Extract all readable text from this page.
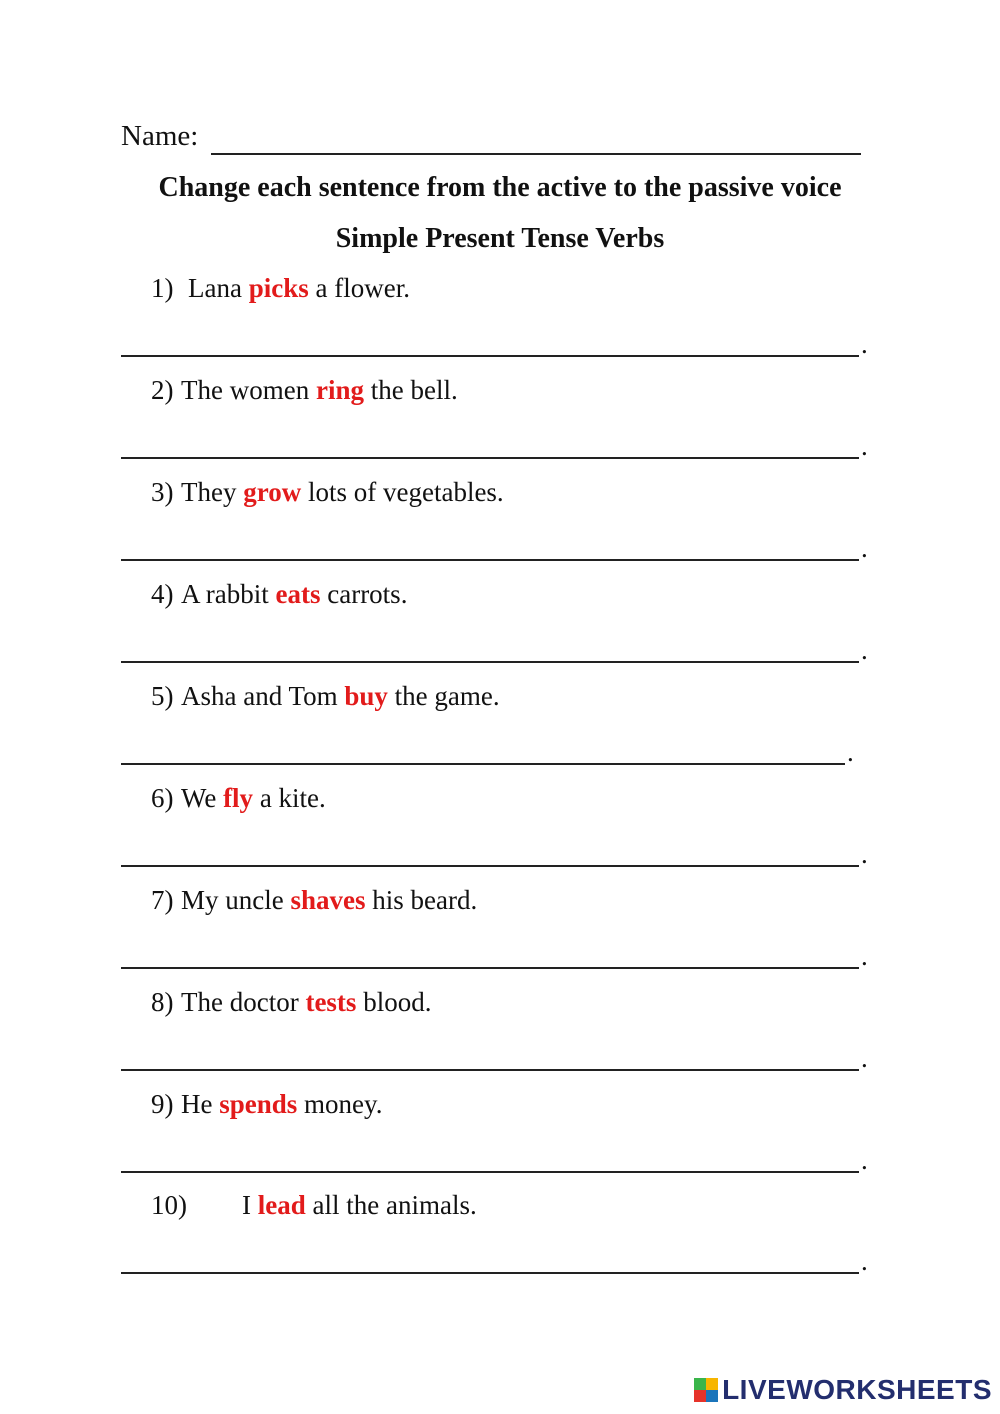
Name:
Change each sentence from the active to the passive voice
Simple Present Tense Verbs
1) Lana picks a flower.
.
2) The women ring the bell.
.
3) They grow lots of vegetables.
.
4) A rabbit eats carrots.
.
5) Asha and Tom buy the game.
.
6) We fly a kite.
.
7) My uncle shaves his beard.
.
8) The doctor tests blood.
.
9) He spends money.
.
10) I lead all the animals.
.
LIVEWORKSHEETS
